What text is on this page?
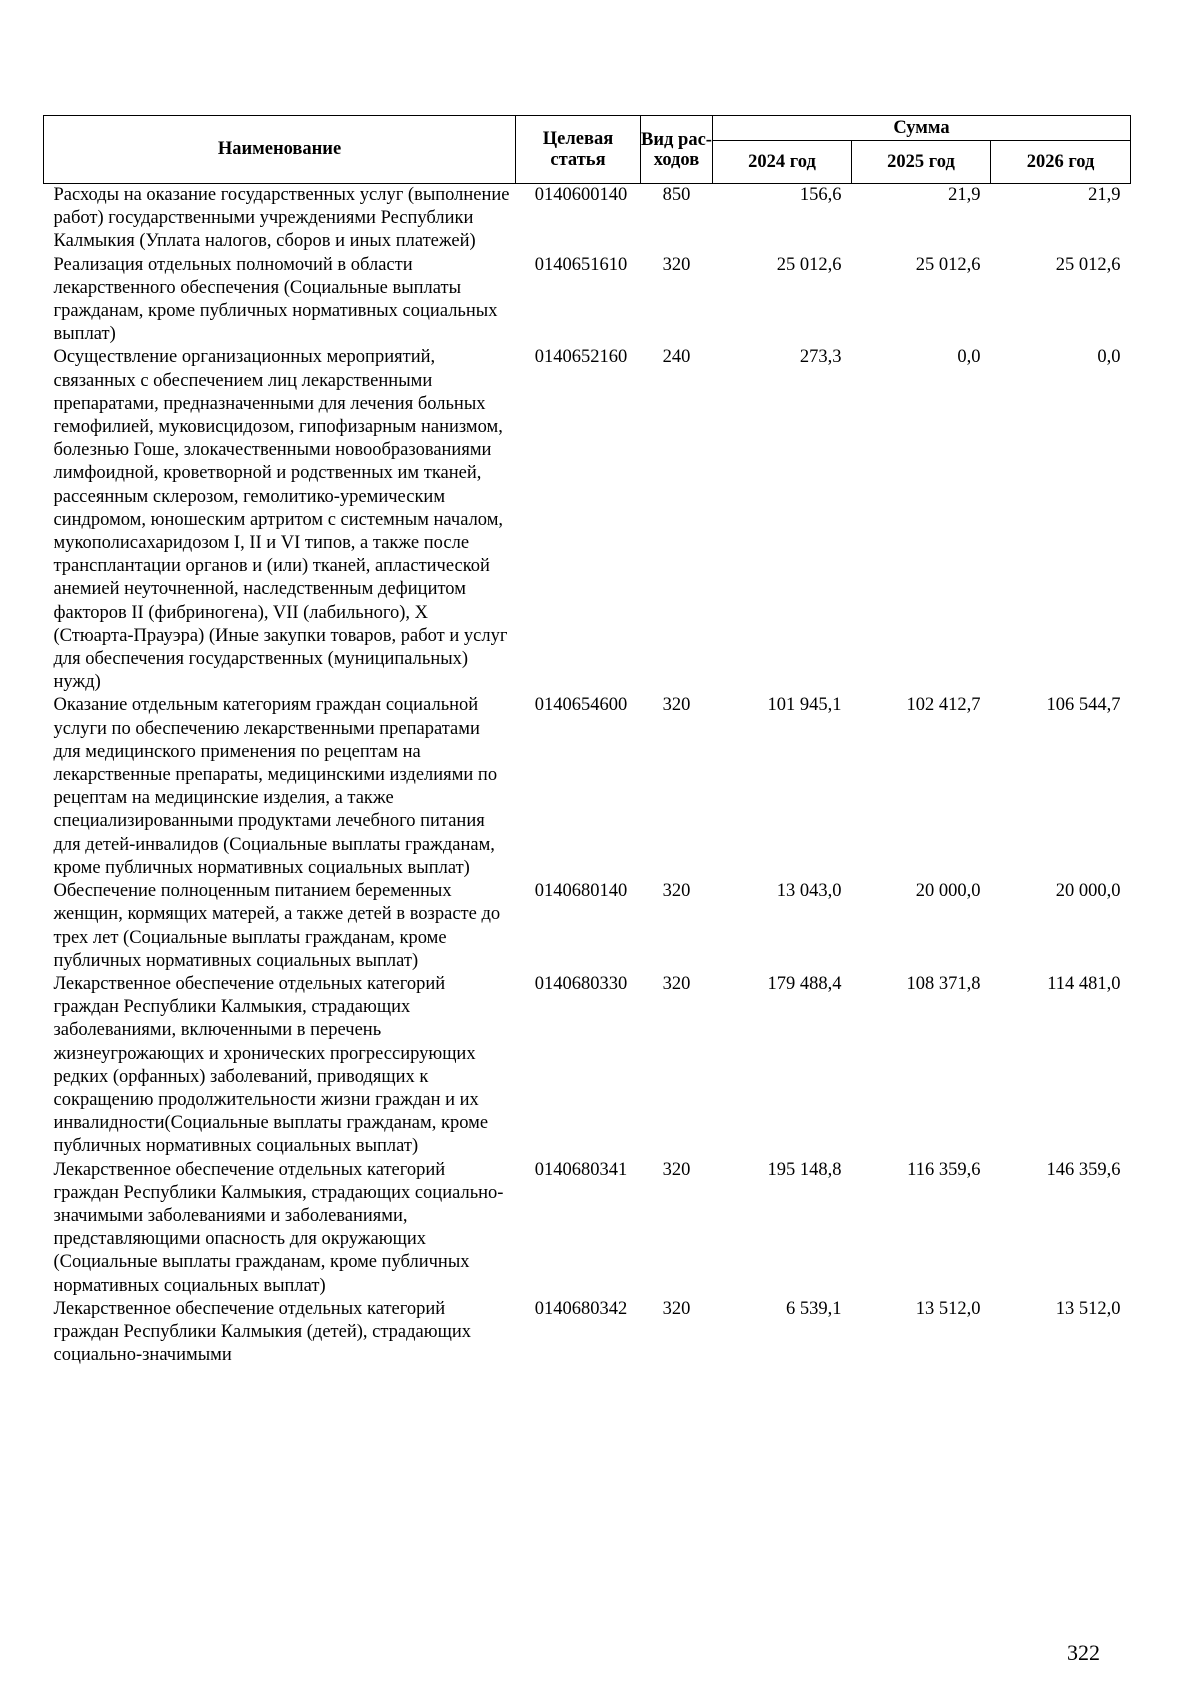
Наименование	Целевая статья	Вид рас-ходов	Сумма		
			2024 год	2025 год	2026 год
Расходы на оказание государственных услуг (выполнение работ) государственными учреждениями Республики Калмыкия (Уплата налогов, сборов и иных платежей)	0140600140	850	156,6	21,9	21,9
Реализация отдельных полномочий в области лекарственного обеспечения (Социальные выплаты гражданам, кроме публичных нормативных социальных выплат)	0140651610	320	25 012,6	25 012,6	25 012,6
Осуществление организационных мероприятий, связанных с обеспечением лиц лекарственными препаратами, предназначенными для лечения больных гемофилией, муковисцидозом, гипофизарным нанизмом, болезнью Гоше, злокачественными новообразованиями лимфоидной, кроветворной и родственных им тканей, рассеянным склерозом, гемолитико-уремическим синдромом, юношеским артритом с системным началом, мукополисахаридозом I, II и VI типов, а также после трансплантации органов и (или) тканей, апластической анемией неуточненной, наследственным дефицитом факторов II (фибриногена), VII (лабильного), X (Стюарта-Прауэра) (Иные закупки товаров, работ и услуг для обеспечения государственных (муниципальных) нужд)	0140652160	240	273,3	0,0	0,0
Оказание отдельным категориям граждан социальной услуги по обеспечению лекарственными препаратами для медицинского применения по рецептам на лекарственные препараты, медицинскими изделиями по рецептам на медицинские изделия, а также специализированными продуктами лечебного питания для детей-инвалидов (Социальные выплаты гражданам, кроме публичных нормативных социальных выплат)	0140654600	320	101 945,1	102 412,7	106 544,7
Обеспечение полноценным питанием беременных женщин, кормящих матерей, а также детей в возрасте до трех лет (Социальные выплаты гражданам, кроме публичных нормативных социальных выплат)	0140680140	320	13 043,0	20 000,0	20 000,0
Лекарственное обеспечение отдельных категорий граждан Республики Калмыкия, страдающих заболеваниями, включенными в перечень жизнеугрожающих и хронических прогрессирующих редких (орфанных) заболеваний, приводящих к сокращению продолжительности жизни граждан и их инвалидности(Социальные выплаты гражданам, кроме публичных нормативных социальных выплат)	0140680330	320	179 488,4	108 371,8	114 481,0
Лекарственное обеспечение отдельных категорий граждан Республики Калмыкия, страдающих социально-значимыми заболеваниями и заболеваниями, представляющими опасность для окружающих (Социальные выплаты гражданам, кроме публичных нормативных социальных выплат)	0140680341	320	195 148,8	116 359,6	146 359,6
Лекарственное обеспечение отдельных категорий граждан Республики Калмыкия (детей), страдающих социально-значимыми	0140680342	320	6 539,1	13 512,0	13 512,0
322
